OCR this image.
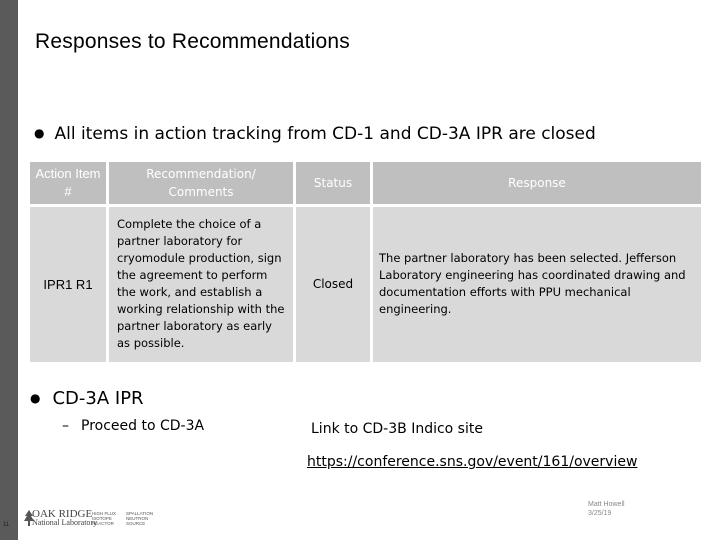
Responses to Recommendations
● All items in action tracking from CD-1 and CD-3A IPR are closed
Action Item #	Recommendation/ Comments	Status	Response
IPR1 R1	Complete the choice of a partner laboratory for cryomodule production, sign the agreement to perform the work, and establish a working relationship with the partner laboratory as early as possible.	Closed	The partner laboratory has been selected. Jefferson Laboratory engineering has coordinated drawing and documentation efforts with PPU mechanical engineering.
● CD-3A IPR
– Proceed to CD-3A	Link to CD-3B Indico site
https://conference.sns.gov/event/161/overview
11
OAK RIDGE
National Laboratory
HIGH FLUX ISOTOPE REACTOR
SPALLATION NEUTRON SOURCE
Matt Howell
3/25/19
